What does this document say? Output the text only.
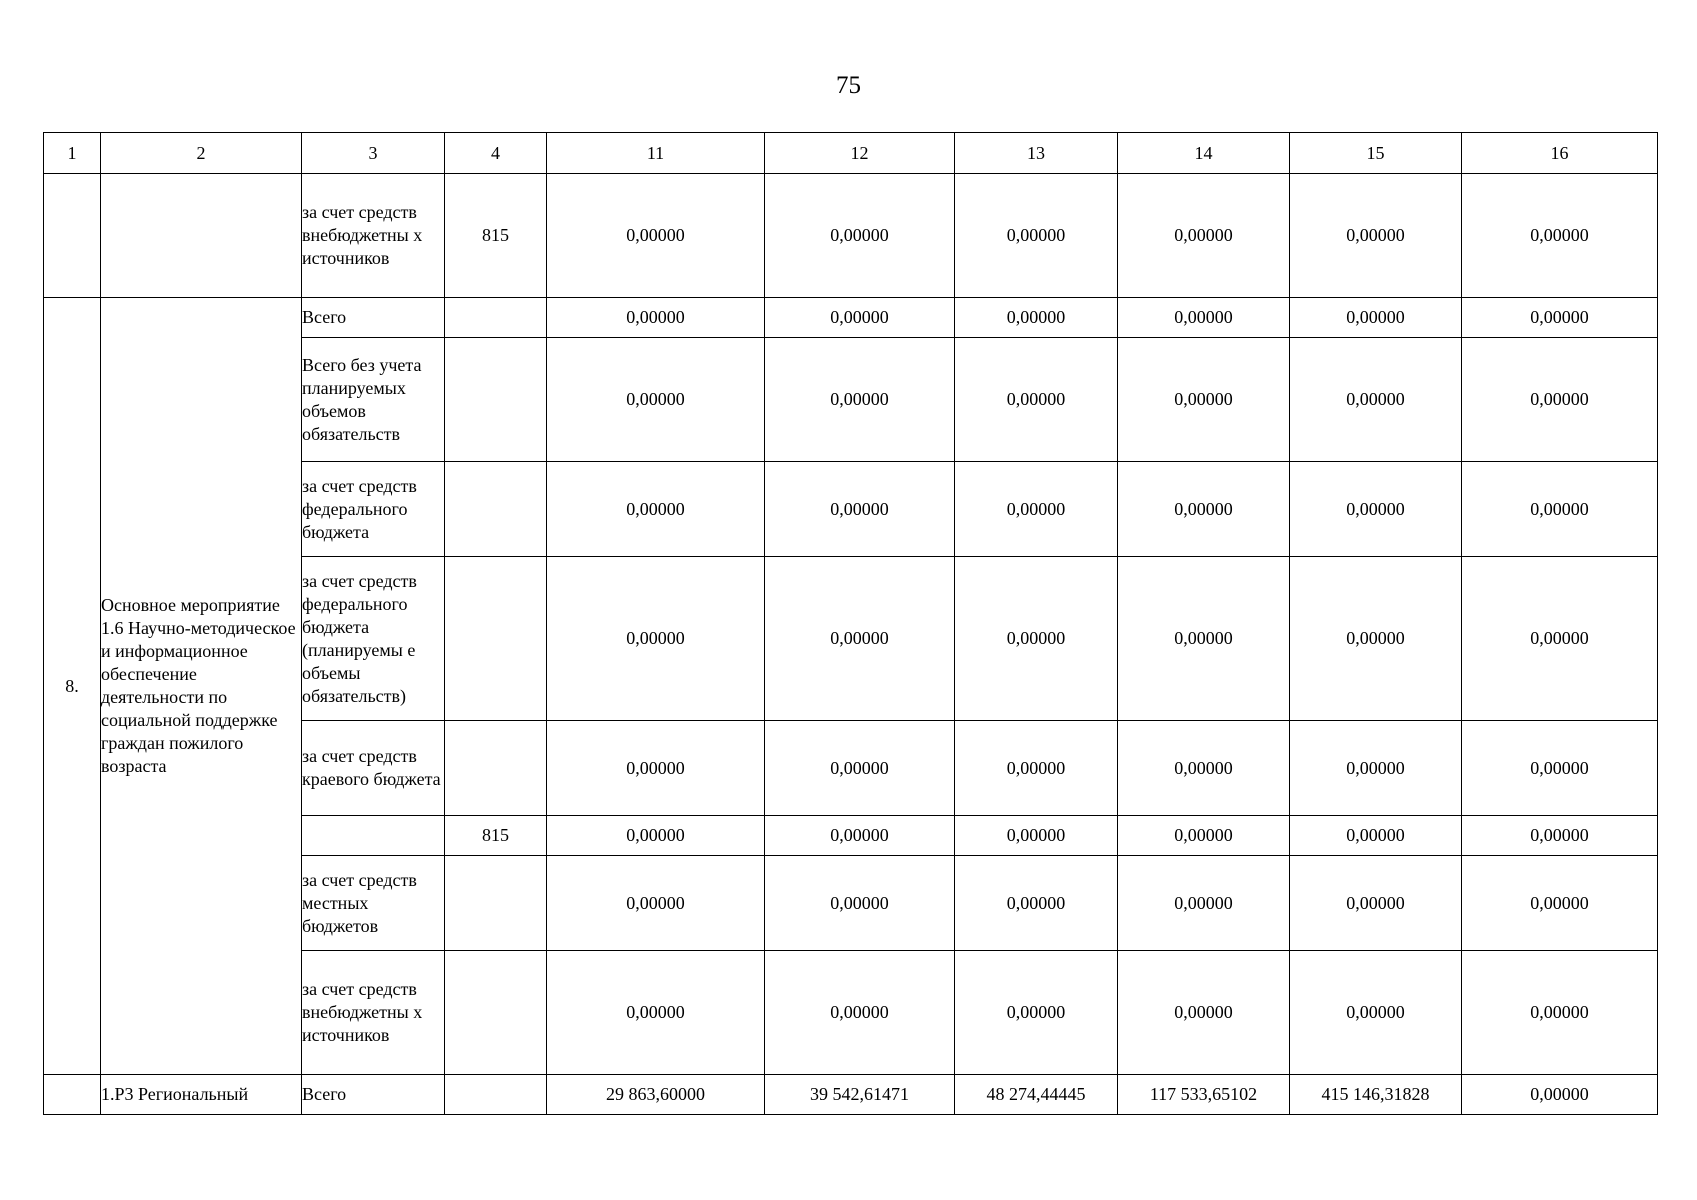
75
1	2	3	4	11	12	13	14	15	16
		за счет средств внебюджетны х источников	815	0,00000	0,00000	0,00000	0,00000	0,00000	0,00000
8.	Основное мероприятие 1.6 Научно-методическое и информационное обеспечение деятельности по социальной поддержке граждан пожилого возраста	Всего		0,00000	0,00000	0,00000	0,00000	0,00000	0,00000
		Всего без учета планируемых объемов обязательств		0,00000	0,00000	0,00000	0,00000	0,00000	0,00000
		за счет средств федерального бюджета		0,00000	0,00000	0,00000	0,00000	0,00000	0,00000
		за счет средств федерального бюджета (планируемы е объемы обязательств)		0,00000	0,00000	0,00000	0,00000	0,00000	0,00000
		за счет средств краевого бюджета		0,00000	0,00000	0,00000	0,00000	0,00000	0,00000
			815	0,00000	0,00000	0,00000	0,00000	0,00000	0,00000
		за счет средств местных бюджетов		0,00000	0,00000	0,00000	0,00000	0,00000	0,00000
		за счет средств внебюджетны х источников		0,00000	0,00000	0,00000	0,00000	0,00000	0,00000
	1.Р3 Региональный	Всего		29 863,60000	39 542,61471	48 274,44445	117 533,65102	415 146,31828	0,00000
